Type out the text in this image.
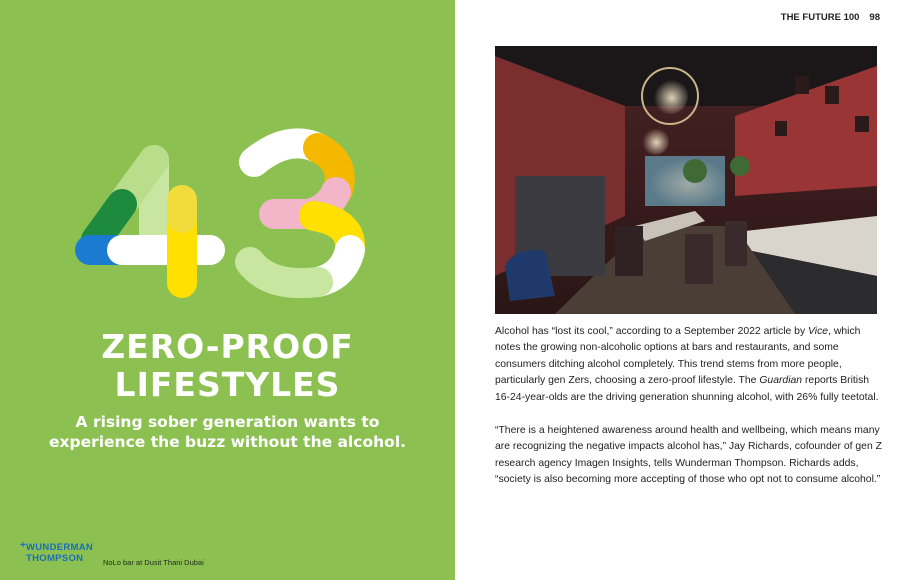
ZERO-PROOF
LIFESTYLES
A rising sober generation wants to
experience the buzz without the alcohol.
+ WUNDERMAN
THOMPSON	NoLo bar at Dusit Thani Dubai
THE FUTURE 100 98

Alcohol has “lost its cool,” according to a September 2022 article by Vice, which notes the growing non-alcoholic options at bars and restaurants, and some consumers ditching alcohol completely. This trend stems from more people, particularly gen Zers, choosing a zero-proof lifestyle. The Guardian reports British 16-24-year-olds are the driving generation shunning alcohol, with 26% fully teetotal.

“There is a heightened awareness around health and wellbeing, which means many are recognizing the negative impacts alcohol has,” Jay Richards, cofounder of gen Z research agency Imagen Insights, tells Wunderman Thompson. Richards adds, “society is also becoming more accepting of those who opt not to consume alcohol.”
